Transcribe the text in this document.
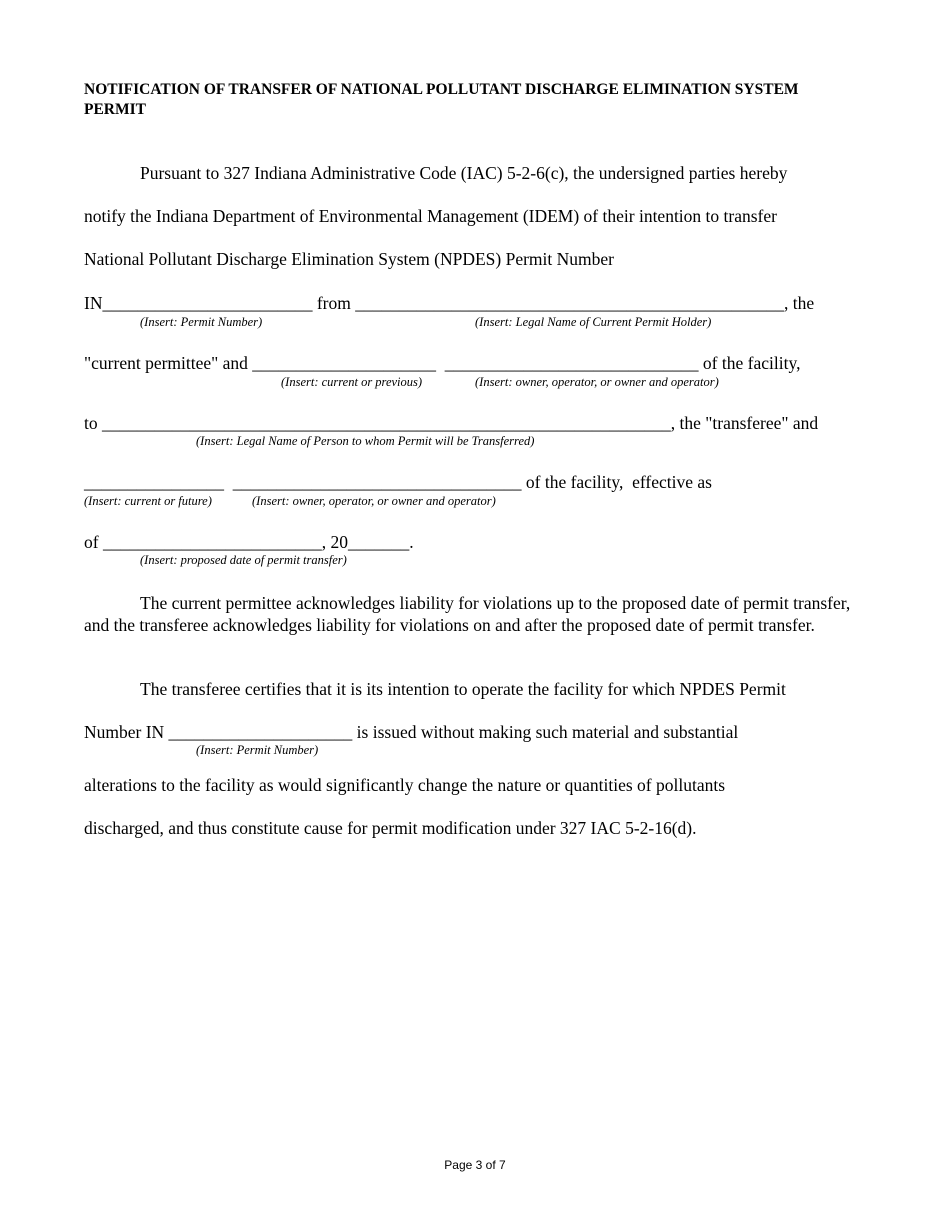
NOTIFICATION OF TRANSFER OF NATIONAL POLLUTANT DISCHARGE ELIMINATION SYSTEM PERMIT
Pursuant to 327 Indiana Administrative Code (IAC) 5-2-6(c), the undersigned parties hereby
notify the Indiana Department of Environmental Management (IDEM) of their intention to transfer
National Pollutant Discharge Elimination System (NPDES) Permit Number
IN________________________ from _________________________________________________, the
(Insert: Permit Number)	(Insert: Legal Name of Current Permit Holder)
"current permittee" and _____________________  _____________________________ of the facility,
(Insert: current or previous)	(Insert: owner, operator, or owner and operator)
to _________________________________________________________________, the "transferee" and
(Insert: Legal Name of Person to whom Permit will be Transferred)
________________  _________________________________ of the facility,  effective as
(Insert: current or future)	(Insert: owner, operator, or owner and operator)
of _________________________, 20_______.
(Insert: proposed date of permit transfer)
The current permittee acknowledges liability for violations up to the proposed date of permit transfer, and the transferee acknowledges liability for violations on and after the proposed date of permit transfer.
The transferee certifies that it is its intention to operate the facility for which NPDES Permit
Number IN _____________________ is issued without making such material and substantial
(Insert: Permit Number)
alterations to the facility as would significantly change the nature or quantities of pollutants
discharged, and thus constitute cause for permit modification under 327 IAC 5-2-16(d).
Page 3 of 7
